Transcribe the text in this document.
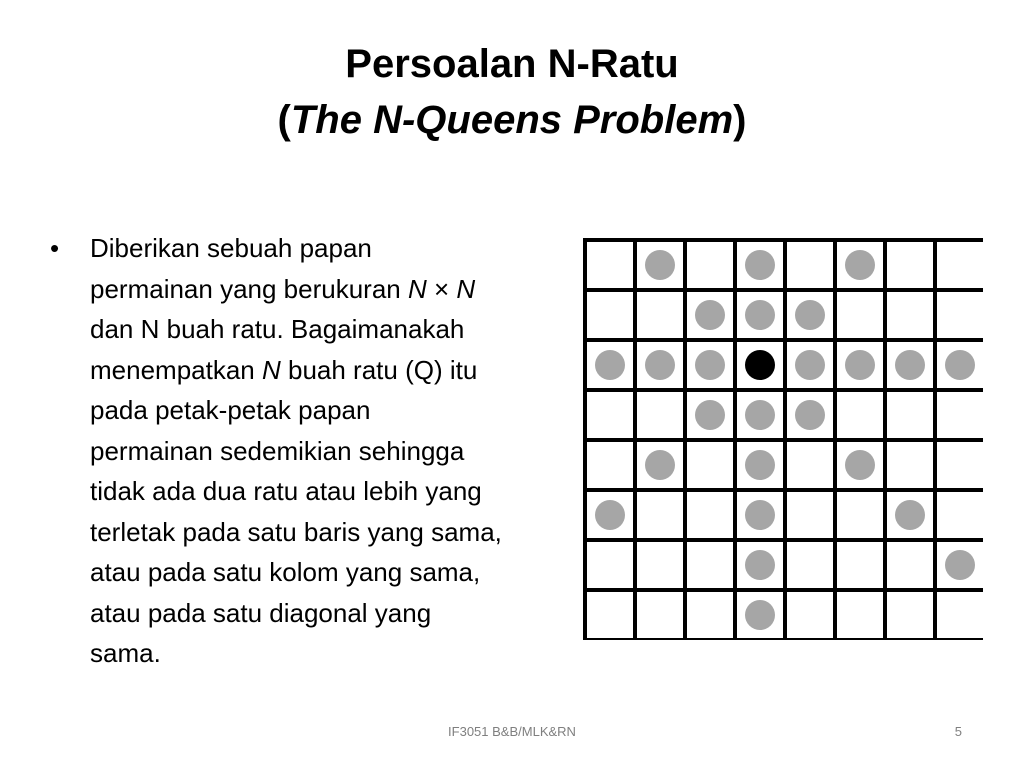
Persoalan N-Ratu
(The N-Queens Problem)
•	Diberikan sebuah papan
permainan yang berukuran N × N
dan N buah ratu. Bagaimanakah
menempatkan N buah ratu (Q) itu
pada petak-petak papan
permainan sedemikian sehingga
tidak ada dua ratu atau lebih yang
terletak pada satu baris yang sama,
atau pada satu kolom yang sama,
atau pada satu diagonal yang
sama.
IF3051 B&B/MLK&RN	5
